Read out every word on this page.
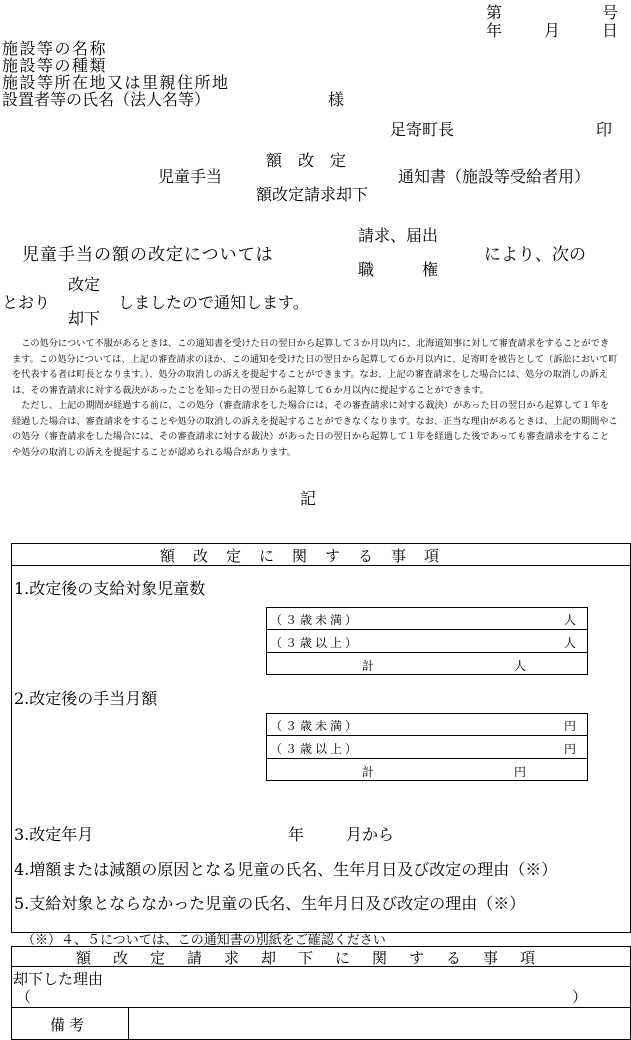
第	号
年	月	日
施設等の名称
施設等の種類
施設等所在地又は里親住所地
設置者等の氏名（法人名等）	様
足寄町長	印
児童手当
額　改　定
額改定請求却下
通知書（施設等受給者用）
児童手当の額の改定については
請求、届出
職　　　権
により、次の
とおり
改定
却下
しましたので通知します。
この処分について不服があるときは、この通知書を受けた日の翌日から起算して３か月以内に、北海道知事に対して審査請求をすることができます。この処分については、上記の審査請求のほか、この通知を受けた日の翌日から起算して６か月以内に、足寄町を被告として（訴訟において町を代表する者は町長となります。）、処分の取消しの訴えを提起することができます。なお、上記の審査請求をした場合には、処分の取消しの訴えは、その審査請求に対する裁決があったことを知った日の翌日から起算して６か月以内に提起することができます。
ただし、上記の期間が経過する前に、この処分（審査請求をした場合には、その審査請求に対する裁決）があった日の翌日から起算して１年を経過した場合は、審査請求をすることや処分の取消しの訴えを提起することができなくなります。なお、正当な理由があるときは、上記の期間やこの処分（審査請求をした場合には、その審査請求に対する裁決）があった日の翌日から起算して１年を経過した後であっても審査請求をすることや処分の取消しの訴えを提起することが認められる場合があります。
記
額改定に関する事項
1.改定後の支給対象児童数
（３歳未満）	人
（３歳以上）	人
計	人
2.改定後の手当月額
（３歳未満）	円
（３歳以上）	円
計	円
3.改定年月	年	月から
4.増額または減額の原因となる児童の氏名、生年月日及び改定の理由（※）
5.支給対象とならなかった児童の氏名、生年月日及び改定の理由（※）
（※）４、５については、この通知書の別紙をご確認ください
額改定請求却下に関する事項
却下した理由
（	）
備考
